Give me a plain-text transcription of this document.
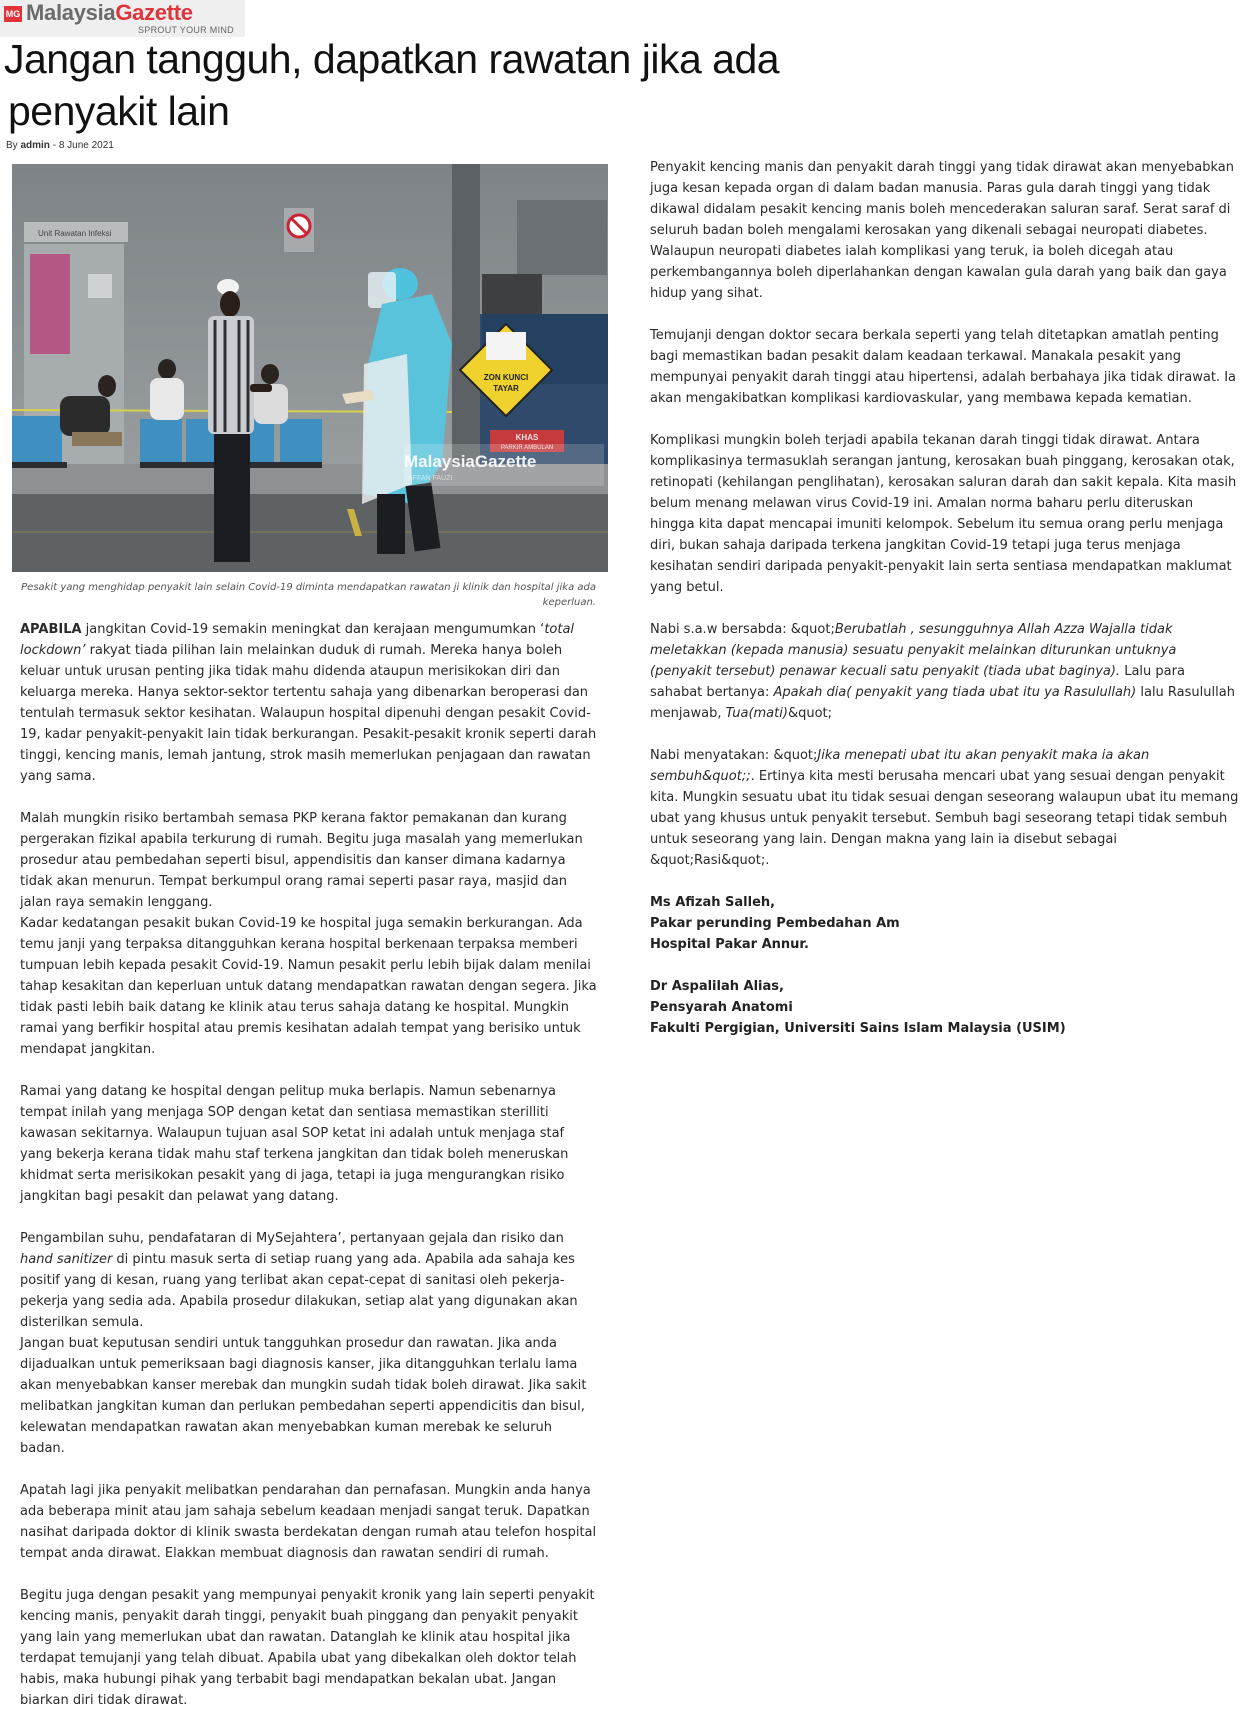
MG MalaysiaGazette
SPROUT YOUR MIND
Jangan tangguh, dapatkan rawatan jika ada
penyakit lain
By admin - 8 June 2021
Unit Rawatan Infeksi
ZON KUNCI
TAYAR
KHAS
PARKIR AMBULAN
MalaysiaGazette
AFFAN FAUZI
Pesakit yang menghidap penyakit lain selain Covid-19 diminta mendapatkan rawatan ji klinik dan hospital jika ada keperluan.

APABILA jangkitan Covid-19 semakin meningkat dan kerajaan mengumumkan ‘total lockdown’ rakyat tiada pilihan lain melainkan duduk di rumah. Mereka hanya boleh keluar untuk urusan penting jika tidak mahu didenda ataupun merisikokan diri dan keluarga mereka. Hanya sektor-sektor tertentu sahaja yang dibenarkan beroperasi dan tentulah termasuk sektor kesihatan. Walaupun hospital dipenuhi dengan pesakit Covid-19, kadar penyakit-penyakit lain tidak berkurangan. Pesakit-pesakit kronik seperti darah tinggi, kencing manis, lemah jantung, strok masih memerlukan penjagaan dan rawatan yang sama.

Malah mungkin risiko bertambah semasa PKP kerana faktor pemakanan dan kurang pergerakan fizikal apabila terkurung di rumah. Begitu juga masalah yang memerlukan prosedur atau pembedahan seperti bisul, appendisitis dan kanser dimana kadarnya tidak akan menurun. Tempat berkumpul orang ramai seperti pasar raya, masjid dan jalan raya semakin lenggang.

Kadar kedatangan pesakit bukan Covid-19 ke hospital juga semakin berkurangan. Ada temu janji yang terpaksa ditangguhkan kerana hospital berkenaan terpaksa memberi tumpuan lebih kepada pesakit Covid-19. Namun pesakit perlu lebih bijak dalam menilai tahap kesakitan dan keperluan untuk datang mendapatkan rawatan dengan segera. Jika tidak pasti lebih baik datang ke klinik atau terus sahaja datang ke hospital. Mungkin ramai yang berfikir hospital atau premis kesihatan adalah tempat yang berisiko untuk mendapat jangkitan.

Ramai yang datang ke hospital dengan pelitup muka berlapis. Namun sebenarnya tempat inilah yang menjaga SOP dengan ketat dan sentiasa memastikan sterilliti kawasan sekitarnya. Walaupun tujuan asal SOP ketat ini adalah untuk menjaga staf yang bekerja kerana tidak mahu staf terkena jangkitan dan tidak boleh meneruskan khidmat serta merisikokan pesakit yang di jaga, tetapi ia juga mengurangkan risiko jangkitan bagi pesakit dan pelawat yang datang.

Pengambilan suhu, pendafataran di MySejahtera’, pertanyaan gejala dan risiko dan hand sanitizer di pintu masuk serta di setiap ruang yang ada. Apabila ada sahaja kes positif yang di kesan, ruang yang terlibat akan cepat-cepat di sanitasi oleh pekerja-pekerja yang sedia ada. Apabila prosedur dilakukan, setiap alat yang digunakan akan disterilkan semula.

Jangan buat keputusan sendiri untuk tangguhkan prosedur dan rawatan. Jika anda dijadualkan untuk pemeriksaan bagi diagnosis kanser, jika ditangguhkan terlalu lama akan menyebabkan kanser merebak dan mungkin sudah tidak boleh dirawat. Jika sakit melibatkan jangkitan kuman dan perlukan pembedahan seperti appendicitis dan bisul, kelewatan mendapatkan rawatan akan menyebabkan kuman merebak ke seluruh badan.

Apatah lagi jika penyakit melibatkan pendarahan dan pernafasan. Mungkin anda hanya ada beberapa minit atau jam sahaja sebelum keadaan menjadi sangat teruk. Dapatkan nasihat daripada doktor di klinik swasta berdekatan dengan rumah atau telefon hospital tempat anda dirawat. Elakkan membuat diagnosis dan rawatan sendiri di rumah.

Begitu juga dengan pesakit yang mempunyai penyakit kronik yang lain seperti penyakit kencing manis, penyakit darah tinggi, penyakit buah pinggang dan penyakit penyakit yang lain yang memerlukan ubat dan rawatan. Datanglah ke klinik atau hospital jika terdapat temujanji yang telah dibuat. Apabila ubat yang dibekalkan oleh doktor telah habis, maka hubungi pihak yang terbabit bagi mendapatkan bekalan ubat. Jangan biarkan diri tidak dirawat.

Penyakit kencing manis dan penyakit darah tinggi yang tidak dirawat akan menyebabkan juga kesan kepada organ di dalam badan manusia. Paras gula darah tinggi yang tidak dikawal didalam pesakit kencing manis boleh mencederakan saluran saraf. Serat saraf di seluruh badan boleh mengalami kerosakan yang dikenali sebagai neuropati diabetes. Walaupun neuropati diabetes ialah komplikasi yang teruk, ia boleh dicegah atau perkembangannya boleh diperlahankan dengan kawalan gula darah yang baik dan gaya hidup yang sihat.

Temujanji dengan doktor secara berkala seperti yang telah ditetapkan amatlah penting bagi memastikan badan pesakit dalam keadaan terkawal. Manakala pesakit yang mempunyai penyakit darah tinggi atau hipertensi, adalah berbahaya jika tidak dirawat. Ia akan mengakibatkan komplikasi kardiovaskular, yang membawa kepada kematian.

Komplikasi mungkin boleh terjadi apabila tekanan darah tinggi tidak dirawat. Antara komplikasinya termasuklah serangan jantung, kerosakan buah pinggang, kerosakan otak, retinopati (kehilangan penglihatan), kerosakan saluran darah dan sakit kepala. Kita masih belum menang melawan virus Covid-19 ini. Amalan norma baharu perlu diteruskan hingga kita dapat mencapai imuniti kelompok. Sebelum itu semua orang perlu menjaga diri, bukan sahaja daripada terkena jangkitan Covid-19 tetapi juga terus menjaga kesihatan sendiri daripada penyakit-penyakit lain serta sentiasa mendapatkan maklumat yang betul.

Nabi s.a.w bersabda: &quot;Berubatlah , sesungguhnya Allah Azza Wajalla tidak meletakkan (kepada manusia) sesuatu penyakit melainkan diturunkan untuknya (penyakit tersebut) penawar kecuali satu penyakit (tiada ubat baginya). Lalu para sahabat bertanya: Apakah dia( penyakit yang tiada ubat itu ya Rasulullah) lalu Rasulullah menjawab, Tua(mati)&quot;

Nabi menyatakan: &quot;Jika menepati ubat itu akan penyakit maka ia akan sembuh&quot;;. Ertinya kita mesti berusaha mencari ubat yang sesuai dengan penyakit kita. Mungkin sesuatu ubat itu tidak sesuai dengan seseorang walaupun ubat itu memang ubat yang khusus untuk penyakit tersebut. Sembuh bagi seseorang tetapi tidak sembuh untuk seseorang yang lain. Dengan makna yang lain ia disebut sebagai &quot;Rasi&quot;.

Ms Afizah Salleh,
Pakar perunding Pembedahan Am
Hospital Pakar Annur.
Dr Aspalilah Alias,
Pensyarah Anatomi
Fakulti Pergigian, Universiti Sains Islam Malaysia (USIM)
